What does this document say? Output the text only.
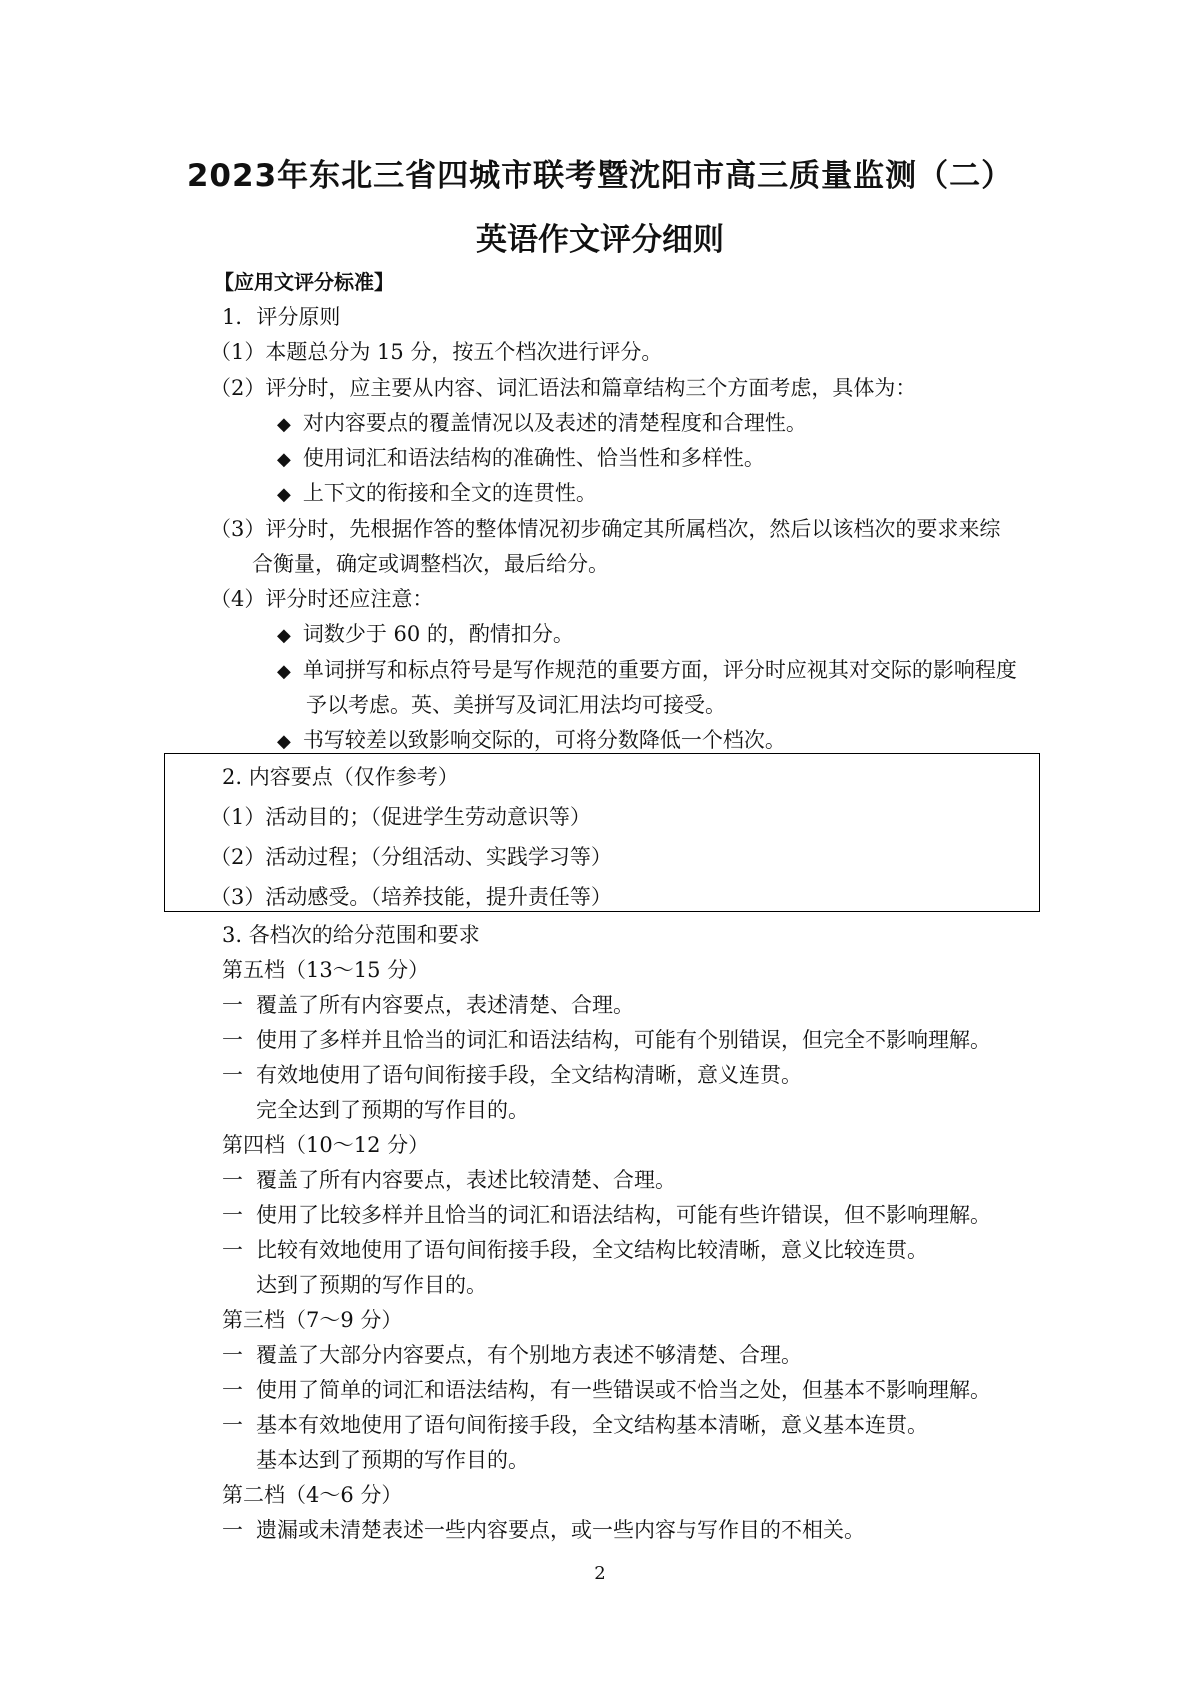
2023年东北三省四城市联考暨沈阳市高三质量监测（二）
英语作文评分细则
【应用文评分标准】
1．评分原则
（1）本题总分为 15 分，按五个档次进行评分。
（2）评分时，应主要从内容、词汇语法和篇章结构三个方面考虑，具体为：
◆ 对内容要点的覆盖情况以及表述的清楚程度和合理性。
◆ 使用词汇和语法结构的准确性、恰当性和多样性。
◆ 上下文的衔接和全文的连贯性。
（3）评分时，先根据作答的整体情况初步确定其所属档次，然后以该档次的要求来综
合衡量，确定或调整档次，最后给分。
（4）评分时还应注意：
◆ 词数少于 60 的，酌情扣分。
◆ 单词拼写和标点符号是写作规范的重要方面，评分时应视其对交际的影响程度
予以考虑。英、美拼写及词汇用法均可接受。
◆ 书写较差以致影响交际的，可将分数降低一个档次。
2. 内容要点（仅作参考）
（1）活动目的；（促进学生劳动意识等）
（2）活动过程；（分组活动、实践学习等）
（3）活动感受。（培养技能，提升责任等）
3. 各档次的给分范围和要求
第五档（13～15 分）
一 覆盖了所有内容要点，表述清楚、合理。
一 使用了多样并且恰当的词汇和语法结构，可能有个别错误，但完全不影响理解。
一 有效地使用了语句间衔接手段，全文结构清晰，意义连贯。
完全达到了预期的写作目的。
第四档（10～12 分）
一 覆盖了所有内容要点，表述比较清楚、合理。
一 使用了比较多样并且恰当的词汇和语法结构，可能有些许错误，但不影响理解。
一 比较有效地使用了语句间衔接手段，全文结构比较清晰，意义比较连贯。
达到了预期的写作目的。
第三档（7～9 分）
一 覆盖了大部分内容要点，有个别地方表述不够清楚、合理。
一 使用了简单的词汇和语法结构，有一些错误或不恰当之处，但基本不影响理解。
一 基本有效地使用了语句间衔接手段，全文结构基本清晰，意义基本连贯。
基本达到了预期的写作目的。
第二档（4～6 分）
一 遗漏或未清楚表述一些内容要点，或一些内容与写作目的不相关。
2
